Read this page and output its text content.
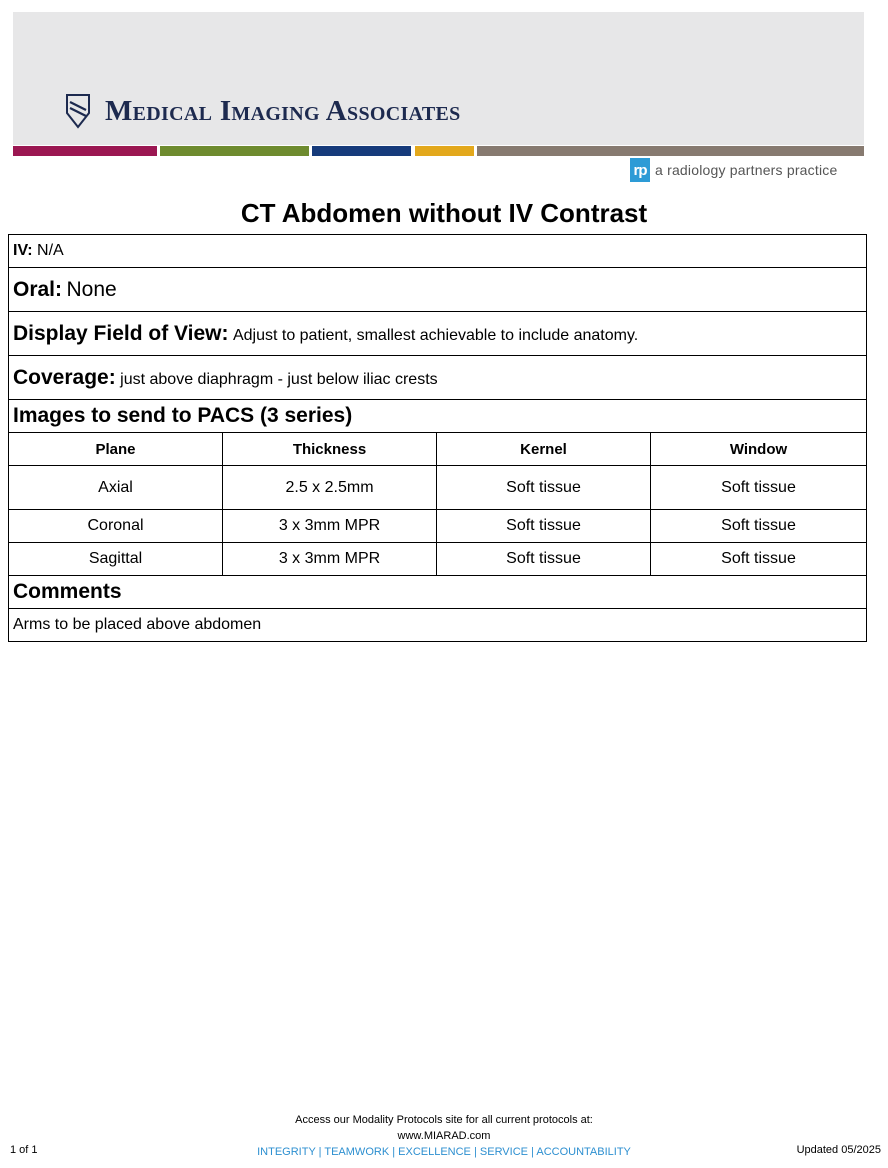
Medical Imaging Associates
rp a radiology partners practice
CT Abdomen without IV Contrast
IV: N/A			
Oral: None			
Display Field of View: Adjust to patient, smallest achievable to include anatomy.			
Coverage: just above diaphragm - just below iliac crests			
Images to send to PACS (3 series)			
Plane	Thickness	Kernel	Window
Axial	2.5 x 2.5mm	Soft tissue	Soft tissue
Coronal	3 x 3mm MPR	Soft tissue	Soft tissue
Sagittal	3 x 3mm MPR	Soft tissue	Soft tissue
Comments			
Arms to be placed above abdomen			
Access our Modality Protocols site for all current protocols at:
www.MIARAD.com
INTEGRITY | TEAMWORK | EXCELLENCE | SERVICE | ACCOUNTABILITY
1 of 1	Updated 05/2025
